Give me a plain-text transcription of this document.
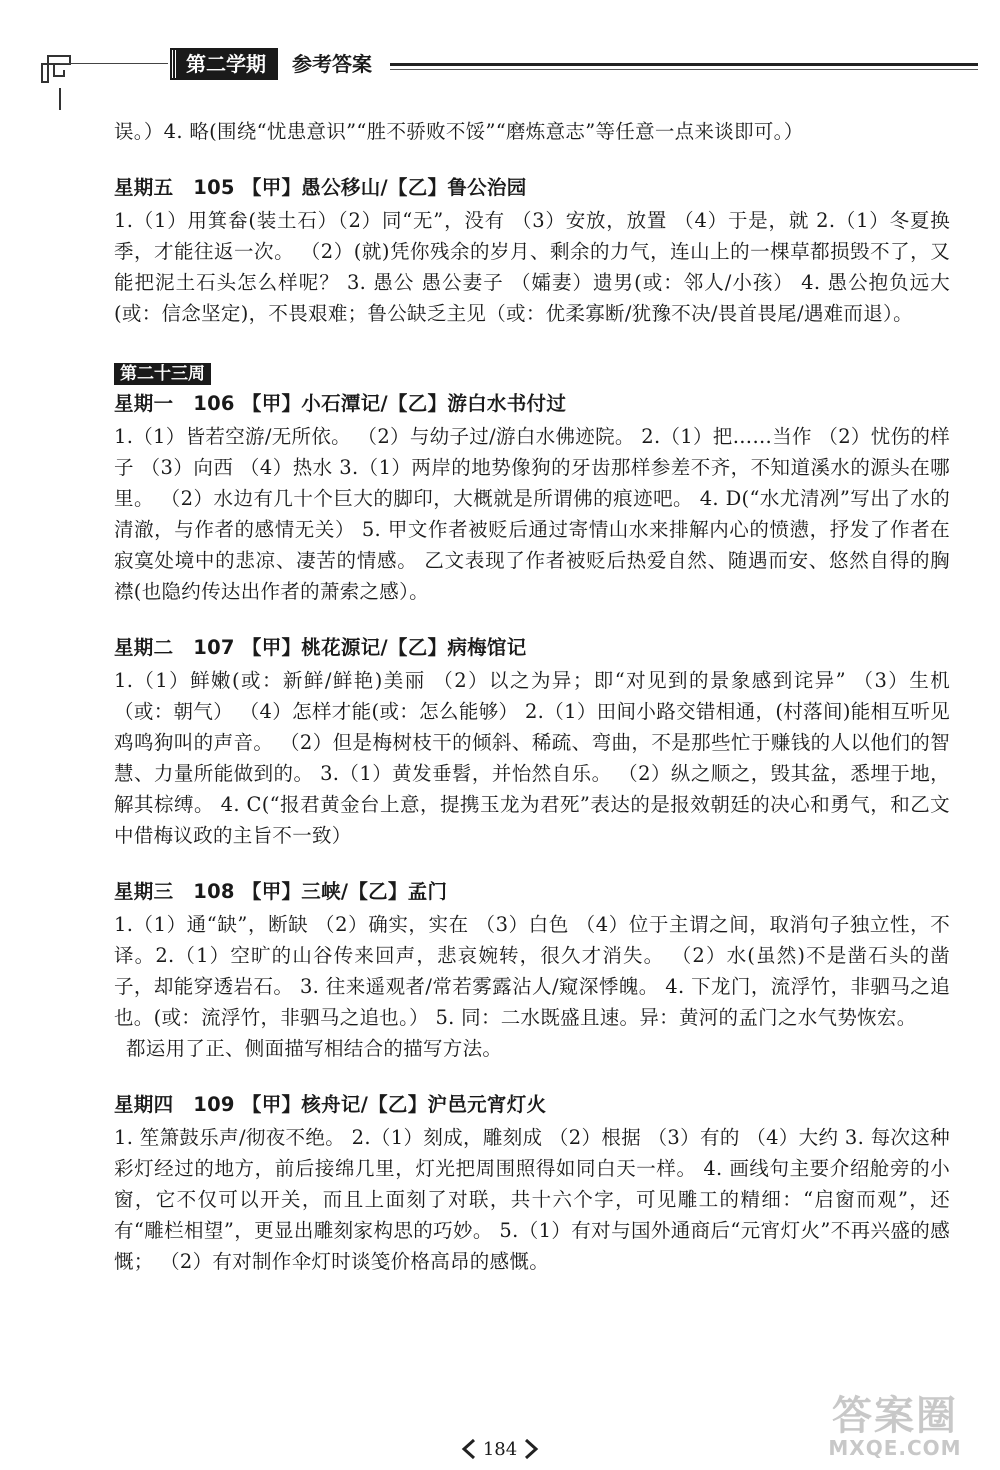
第二学期	参考答案

误。）4. 略(围绕“忧患意识”“胜不骄败不馁”“磨炼意志”等任意一点来谈即可。）

星期五　105 【甲】愚公移山/【乙】鲁公治园

1.（1）用箕畚(装土石）（2）同“无”，没有 （3）安放，放置 （4）于是，就 2.（1）冬夏换季，才能往返一次。 （2）(就)凭你残余的岁月、剩余的力气，连山上的一棵草都损毁不了，又能把泥土石头怎么样呢？ 3. 愚公 愚公妻子 （孀妻）遗男(或：邻人/小孩） 4. 愚公抱负远大(或：信念坚定)，不畏艰难；鲁公缺乏主见（或：优柔寡断/犹豫不决/畏首畏尾/遇难而退）。

第二十三周
星期一　106 【甲】小石潭记/【乙】游白水书付过

1.（1）皆若空游/无所依。 （2）与幼子过/游白水佛迹院。 2.（1）把……当作 （2）忧伤的样子 （3）向西 （4）热水 3.（1）两岸的地势像狗的牙齿那样参差不齐，不知道溪水的源头在哪里。 （2）水边有几十个巨大的脚印，大概就是所谓佛的痕迹吧。 4. D(“水尤清冽”写出了水的清澈，与作者的感情无关） 5. 甲文作者被贬后通过寄情山水来排解内心的愤懑，抒发了作者在寂寞处境中的悲凉、凄苦的情感。 乙文表现了作者被贬后热爱自然、随遇而安、悠然自得的胸襟(也隐约传达出作者的萧索之感）。

星期二　107 【甲】桃花源记/【乙】病梅馆记

1.（1）鲜嫩(或：新鲜/鲜艳)美丽 （2）以之为异；即“对见到的景象感到诧异” （3）生机（或：朝气） （4）怎样才能(或：怎么能够） 2.（1）田间小路交错相通，(村落间)能相互听见鸡鸣狗叫的声音。 （2）但是梅树枝干的倾斜、稀疏、弯曲，不是那些忙于赚钱的人以他们的智慧、力量所能做到的。 3.（1）黄发垂髫，并怡然自乐。 （2）纵之顺之，毁其盆，悉埋于地，解其棕缚。 4. C(“报君黄金台上意，提携玉龙为君死”表达的是报效朝廷的决心和勇气，和乙文中借梅议政的主旨不一致）

星期三　108 【甲】三峡/【乙】孟门

1.（1）通“缺”，断缺 （2）确实，实在 （3）白色 （4）位于主谓之间，取消句子独立性，不译。2.（1）空旷的山谷传来回声，悲哀婉转，很久才消失。 （2）水(虽然)不是凿石头的凿子，却能穿透岩石。 3. 往来遥观者/常若雾露沾人/窥深悸魄。 4. 下龙门，流浮竹，非驷马之追也。(或：流浮竹，非驷马之追也。） 5. 同：二水既盛且速。异：黄河的孟门之水气势恢宏。

都运用了正、侧面描写相结合的描写方法。

星期四　109 【甲】核舟记/【乙】沪邑元宵灯火

1. 笙箫鼓乐声/彻夜不绝。 2.（1）刻成，雕刻成 （2）根据 （3）有的 （4）大约 3. 每次这种彩灯经过的地方，前后接绵几里，灯光把周围照得如同白天一样。 4. 画线句主要介绍舱旁的小窗，它不仅可以开关，而且上面刻了对联，共十六个字，可见雕工的精细：“启窗而观”，还有“雕栏相望”，更显出雕刻家构思的巧妙。 5.（1）有对与国外通商后“元宵灯火”不再兴盛的感慨； （2）有对制作伞灯时谈笺价格高昂的感慨。

184
答案圈
MXQE.COM
